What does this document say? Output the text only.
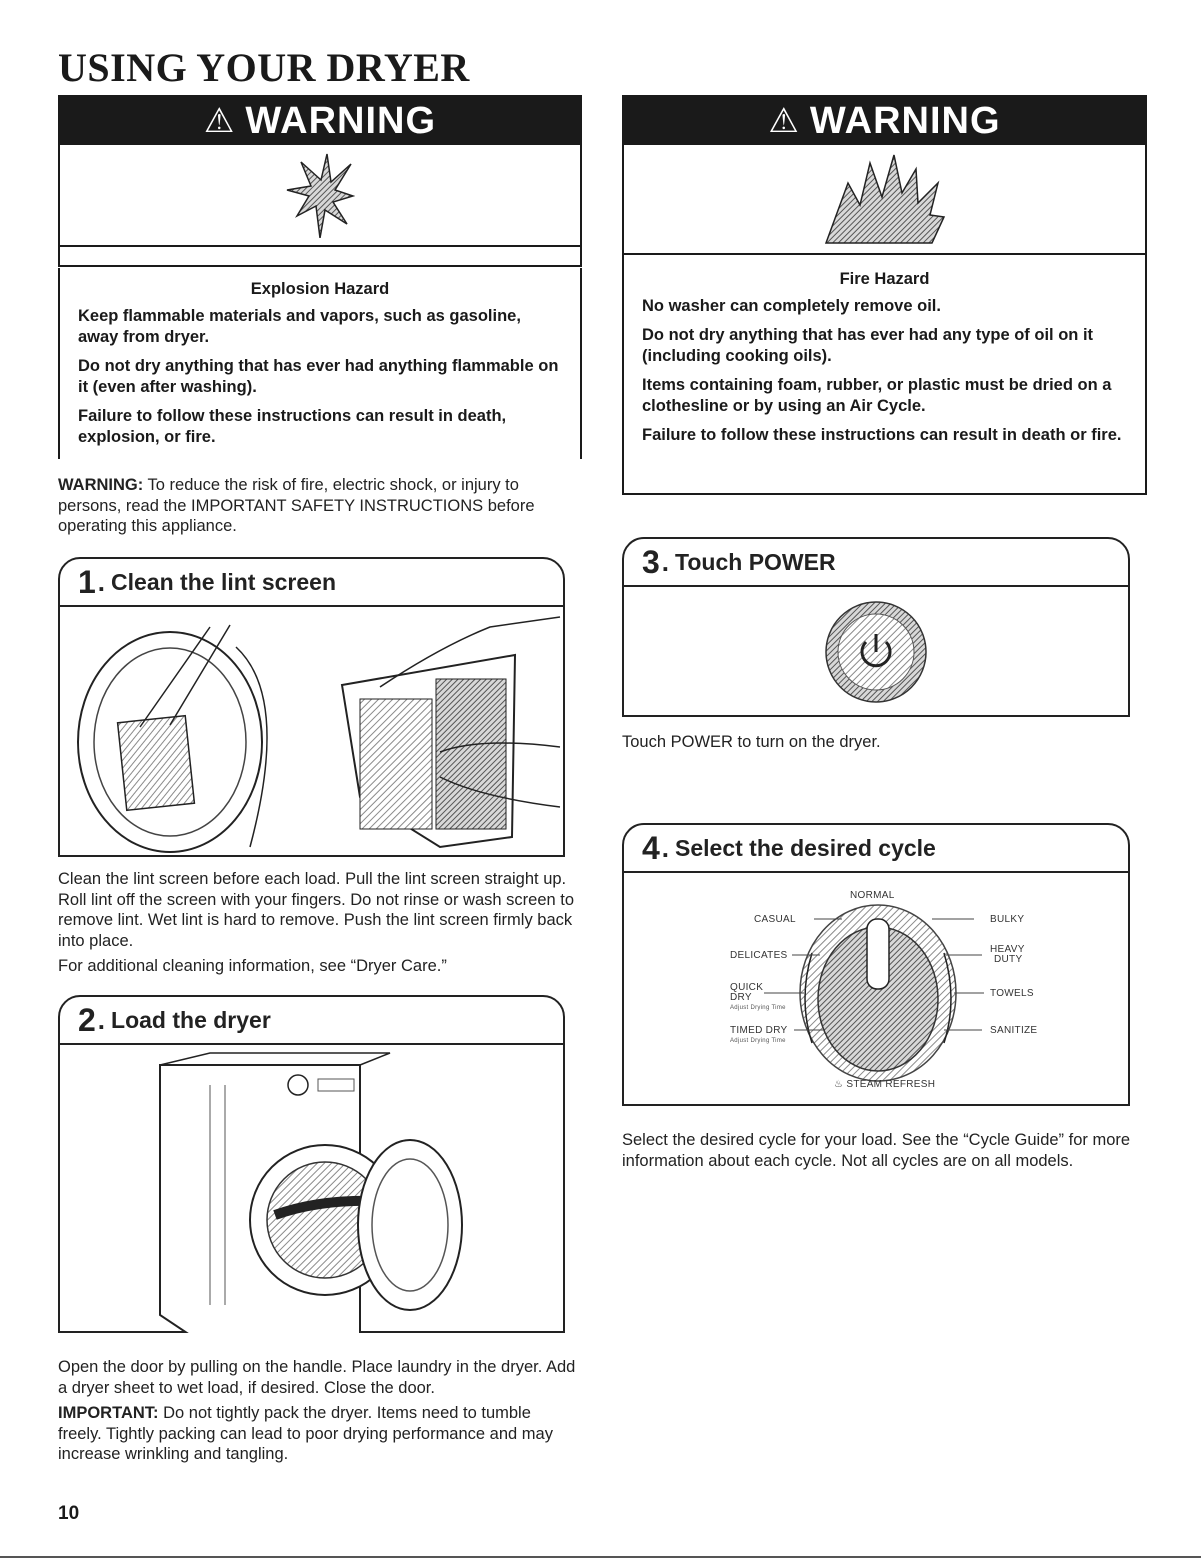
USING YOUR DRYER
⚠ WARNING
Explosion Hazard

Keep flammable materials and vapors, such as gasoline, away from dryer.

Do not dry anything that has ever had anything flammable on it (even after washing).

Failure to follow these instructions can result in death, explosion, or fire.

WARNING: To reduce the risk of fire, electric shock, or injury to persons, read the IMPORTANT SAFETY INSTRUCTIONS before operating this appliance.
⚠ WARNING
Fire Hazard

No washer can completely remove oil.

Do not dry anything that has ever had any type of oil on it (including cooking oils).

Items containing foam, rubber, or plastic must be dried on a clothesline or by using an Air Cycle.

Failure to follow these instructions can result in death or fire.

1 . Clean the lint screen

Clean the lint screen before each load. Pull the lint screen straight up. Roll lint off the screen with your fingers. Do not rinse or wash screen to remove lint. Wet lint is hard to remove. Push the lint screen firmly back into place.

For additional cleaning information, see “Dryer Care.”

2 . Load the dryer

Open the door by pulling on the handle. Place laundry in the dryer. Add a dryer sheet to wet load, if desired. Close the door.

IMPORTANT: Do not tightly pack the dryer. Items need to tumble freely. Tightly packing can lead to poor drying performance and may increase wrinkling and tangling.

3 . Touch POWER

Touch POWER to turn on the dryer.

4 . Select the desired cycle
NORMAL
CASUAL
DELICATES
QUICK
DRY
Adjust Drying Time
TIMED DRY
Adjust Drying Time
BULKY
HEAVY
DUTY
TOWELS
SANITIZE
♨ STEAM REFRESH

Select the desired cycle for your load. See the “Cycle Guide” for more information about each cycle. Not all cycles are on all models.

10
